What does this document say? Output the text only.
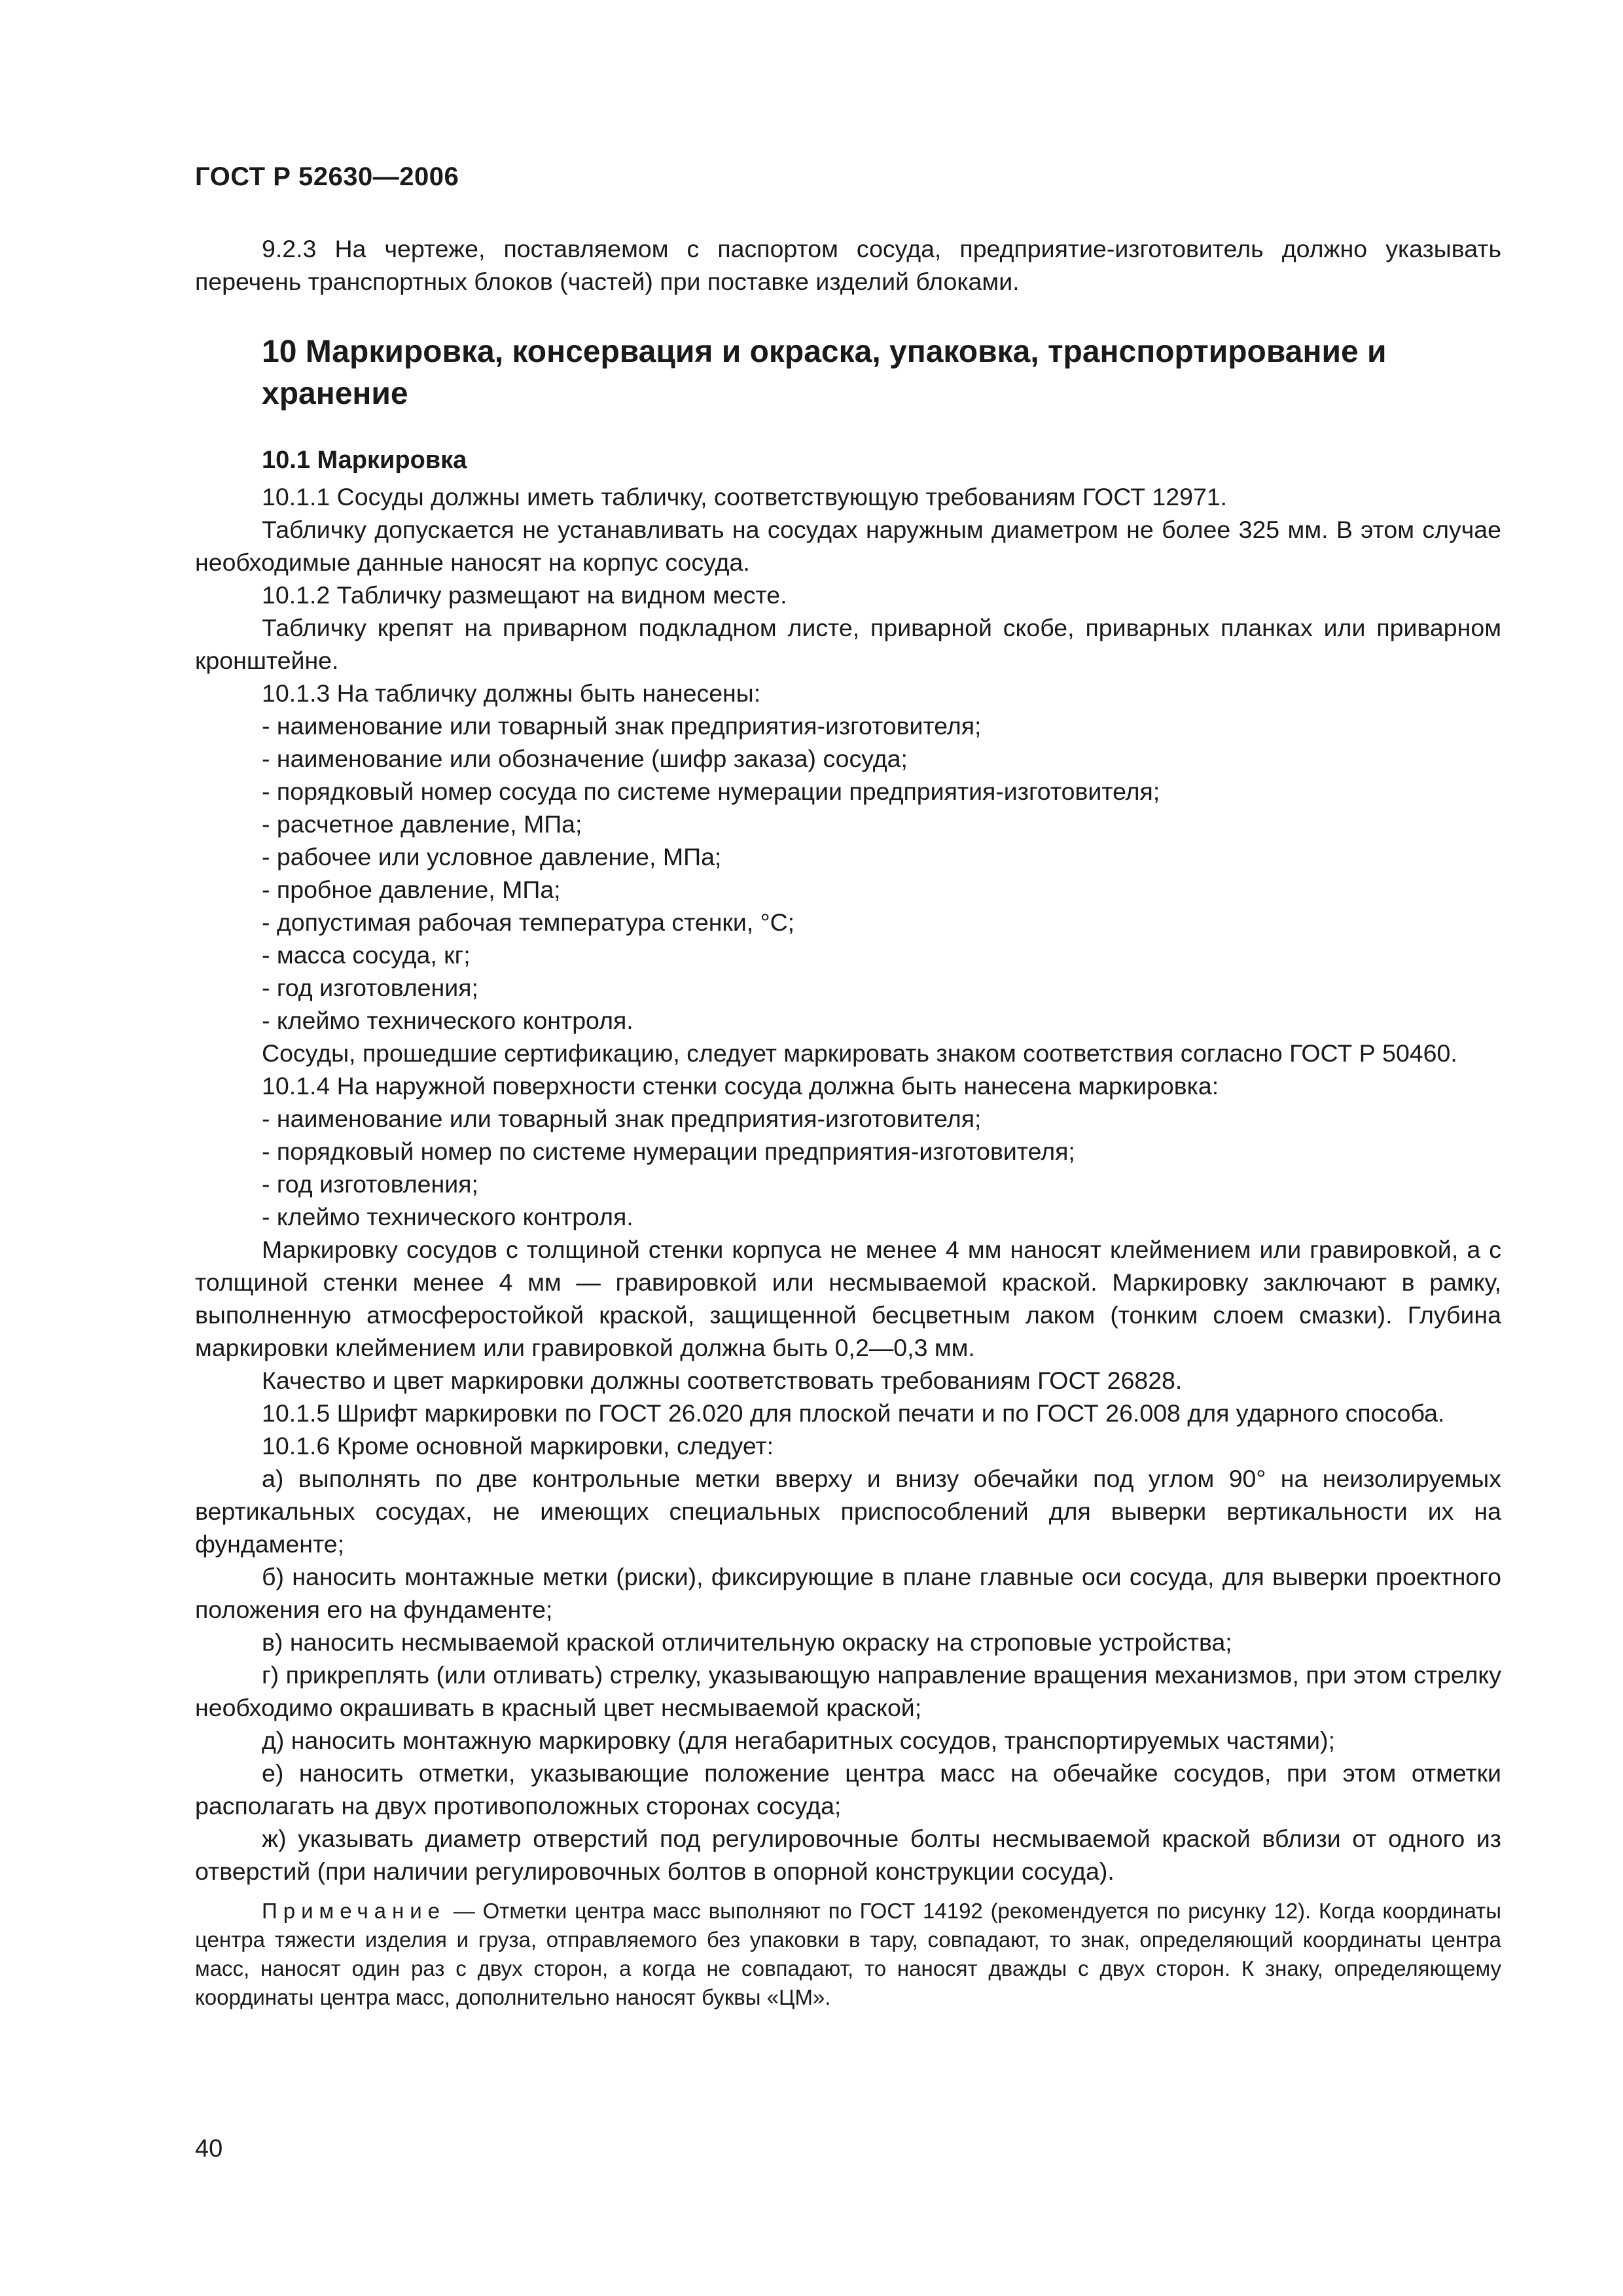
ГОСТ Р 52630—2006

9.2.3 На чертеже, поставляемом с паспортом сосуда, предприятие-изготовитель должно указывать перечень транспортных блоков (частей) при поставке изделий блоками.

10 Маркировка, консервация и окраска, упаковка, транспортирование и хранение
10.1 Маркировка

10.1.1 Сосуды должны иметь табличку, соответствующую требованиям ГОСТ 12971.

Табличку допускается не устанавливать на сосудах наружным диаметром не более 325 мм. В этом случае необходимые данные наносят на корпус сосуда.

10.1.2 Табличку размещают на видном месте.

Табличку крепят на приварном подкладном листе, приварной скобе, приварных планках или приварном кронштейне.

10.1.3 На табличку должны быть нанесены:

- наименование или товарный знак предприятия-изготовителя;

- наименование или обозначение (шифр заказа) сосуда;

- порядковый номер сосуда по системе нумерации предприятия-изготовителя;

- расчетное давление, МПа;

- рабочее или условное давление, МПа;

- пробное давление, МПа;

- допустимая рабочая температура стенки, °С;

- масса сосуда, кг;

- год изготовления;

- клеймо технического контроля.

Сосуды, прошедшие сертификацию, следует маркировать знаком соответствия согласно ГОСТ Р 50460.

10.1.4 На наружной поверхности стенки сосуда должна быть нанесена маркировка:

- наименование или товарный знак предприятия-изготовителя;

- порядковый номер по системе нумерации предприятия-изготовителя;

- год изготовления;

- клеймо технического контроля.

Маркировку сосудов с толщиной стенки корпуса не менее 4 мм наносят клеймением или гравировкой, а с толщиной стенки менее 4 мм — гравировкой или несмываемой краской. Маркировку заключают в рамку, выполненную атмосферостойкой краской, защищенной бесцветным лаком (тонким слоем смазки). Глубина маркировки клеймением или гравировкой должна быть 0,2—0,3 мм.

Качество и цвет маркировки должны соответствовать требованиям ГОСТ 26828.

10.1.5 Шрифт маркировки по ГОСТ 26.020 для плоской печати и по ГОСТ 26.008 для ударного способа.

10.1.6 Кроме основной маркировки, следует:

а) выполнять по две контрольные метки вверху и внизу обечайки под углом 90° на неизолируемых вертикальных сосудах, не имеющих специальных приспособлений для выверки вертикальности их на фундаменте;

б) наносить монтажные метки (риски), фиксирующие в плане главные оси сосуда, для выверки проектного положения его на фундаменте;

в) наносить несмываемой краской отличительную окраску на строповые устройства;

г) прикреплять (или отливать) стрелку, указывающую направление вращения механизмов, при этом стрелку необходимо окрашивать в красный цвет несмываемой краской;

д) наносить монтажную маркировку (для негабаритных сосудов, транспортируемых частями);

е) наносить отметки, указывающие положение центра масс на обечайке сосудов, при этом отметки располагать на двух противоположных сторонах сосуда;

ж) указывать диаметр отверстий под регулировочные болты несмываемой краской вблизи от одного из отверстий (при наличии регулировочных болтов в опорной конструкции сосуда).

Примечание — Отметки центра масс выполняют по ГОСТ 14192 (рекомендуется по рисунку 12). Когда координаты центра тяжести изделия и груза, отправляемого без упаковки в тару, совпадают, то знак, определяющий координаты центра масс, наносят один раз с двух сторон, а когда не совпадают, то наносят дважды с двух сторон. К знаку, определяющему координаты центра масс, дополнительно наносят буквы «ЦМ».

40
